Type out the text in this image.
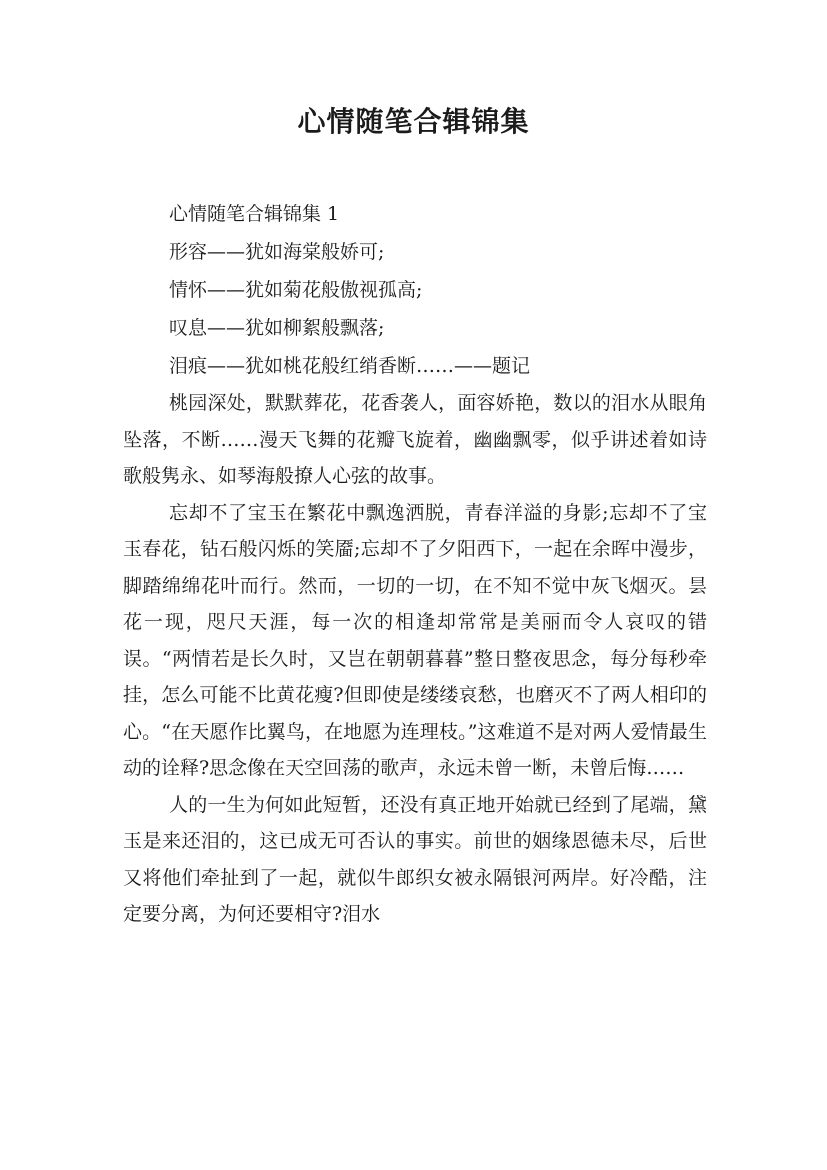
心情随笔合辑锦集

心情随笔合辑锦集 1

形容——犹如海棠般娇可;

情怀——犹如菊花般傲视孤高;

叹息——犹如柳絮般飘落;

泪痕——犹如桃花般红绡香断……——题记

桃园深处，默默葬花，花香袭人，面容娇艳，数以的泪水从眼角坠落，不断……漫天飞舞的花瓣飞旋着，幽幽飘零，似乎讲述着如诗歌般隽永、如琴海般撩人心弦的故事。

忘却不了宝玉在繁花中飘逸洒脱，青春洋溢的身影;忘却不了宝玉春花，钻石般闪烁的笑靥;忘却不了夕阳西下，一起在余晖中漫步，脚踏绵绵花叶而行。然而，一切的一切，在不知不觉中灰飞烟灭。昙花一现，咫尺天涯，每一次的相逢却常常是美丽而令人哀叹的错误。“两情若是长久时，又岂在朝朝暮暮”整日整夜思念，每分每秒牵挂，怎么可能不比黄花瘦?但即使是缕缕哀愁，也磨灭不了两人相印的心。“在天愿作比翼鸟，在地愿为连理枝。”这难道不是对两人爱情最生动的诠释?思念像在天空回荡的歌声，永远未曾一断，未曾后悔……

人的一生为何如此短暂，还没有真正地开始就已经到了尾端，黛玉是来还泪的，这已成无可否认的事实。前世的姻缘恩德未尽，后世又将他们牵扯到了一起，就似牛郎织女被永隔银河两岸。好冷酷，注定要分离，为何还要相守?泪水
